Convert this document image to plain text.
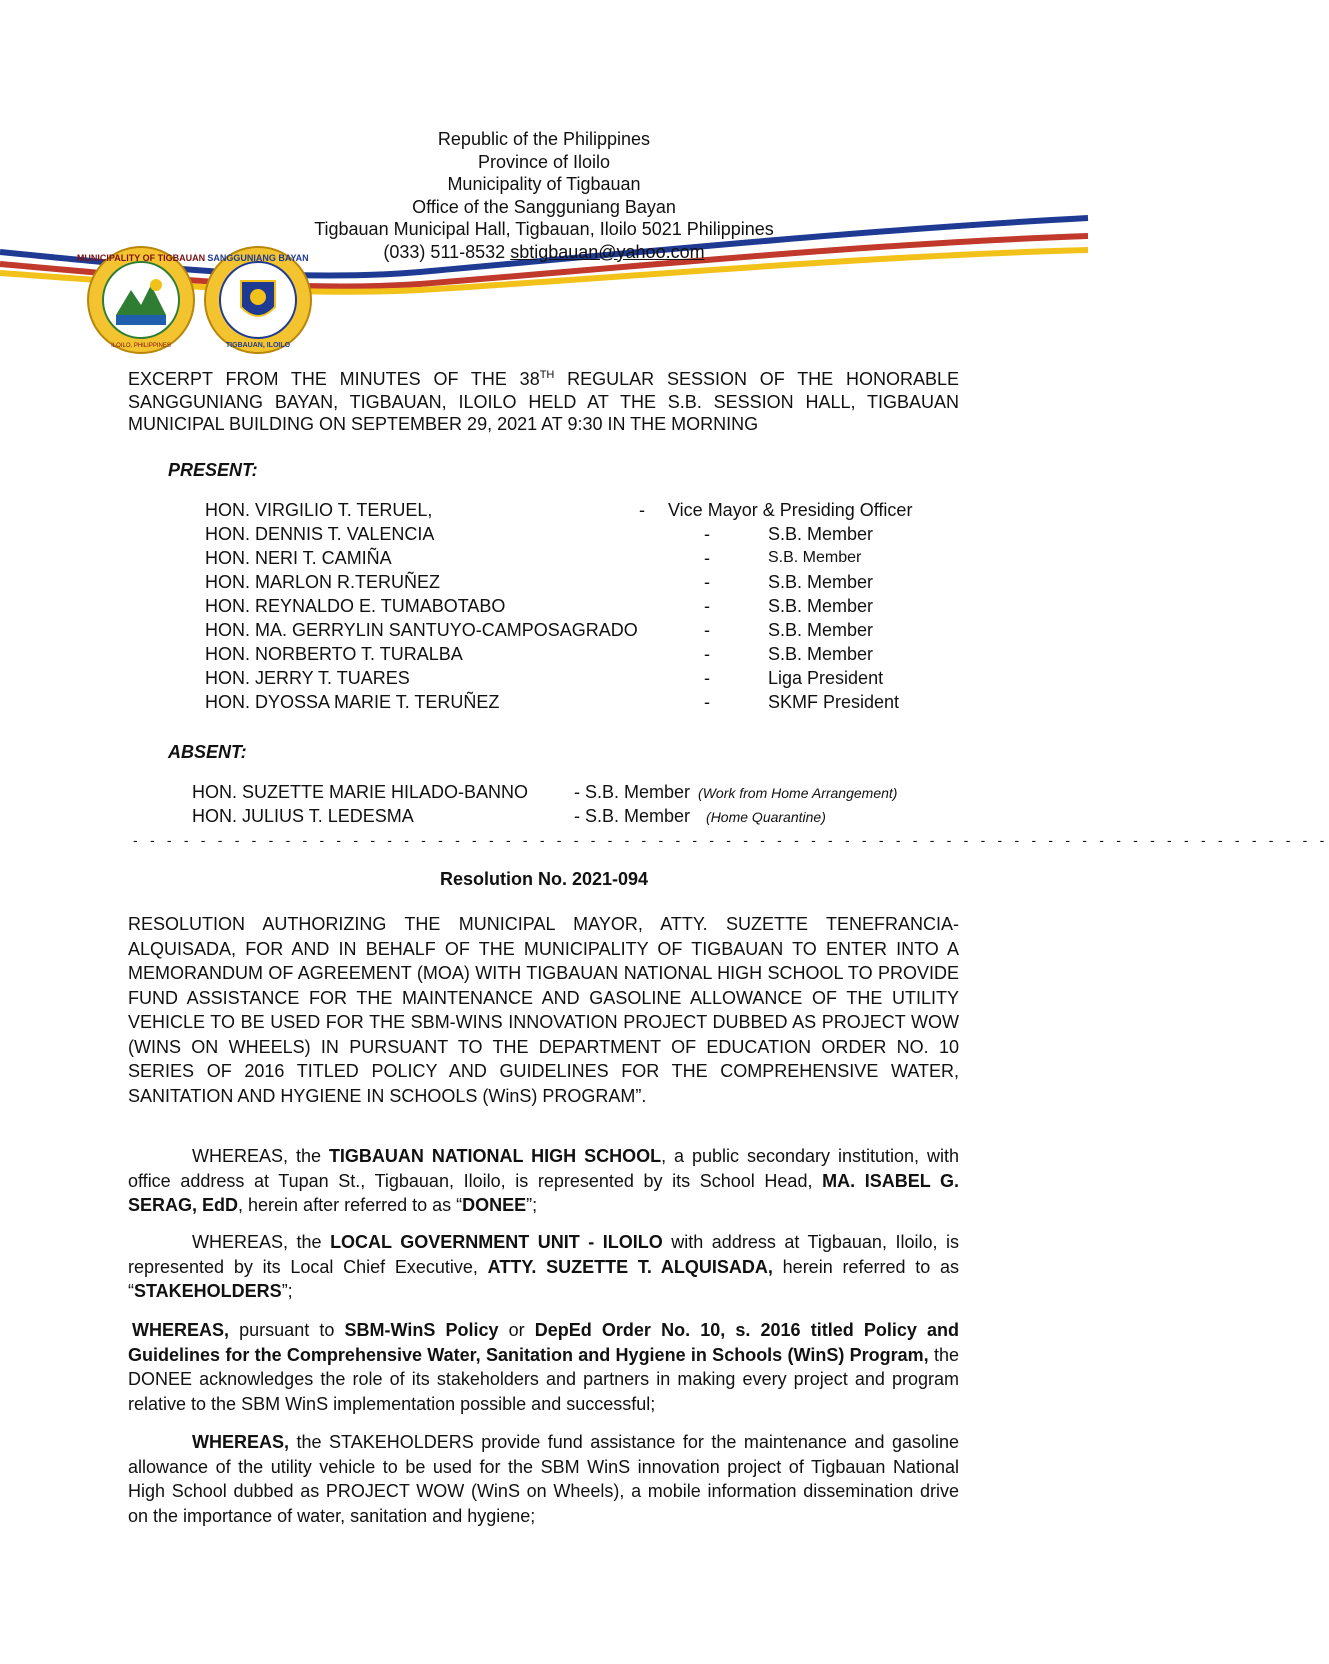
MUNICIPALITY OF TIGBAUAN
ILOILO, PHILIPPINES
SANGGUNIANG BAYAN
TIGBAUAN, ILOILO
Republic of the Philippines
Province of Iloilo
Municipality of Tigbauan
Office of the Sangguniang Bayan
Tigbauan Municipal Hall, Tigbauan, Iloilo 5021 Philippines
(033) 511-8532 sbtigbauan@yahoo.com
EXCERPT FROM THE MINUTES OF THE 38TH REGULAR SESSION OF THE HONORABLE SANGGUNIANG BAYAN, TIGBAUAN, ILOILO HELD AT THE S.B. SESSION HALL, TIGBAUAN MUNICIPAL BUILDING ON SEPTEMBER 29, 2021 AT 9:30 IN THE MORNING
PRESENT:
HON. VIRGILIO T. TERUEL,	- Vice Mayor & Presiding Officer
HON. DENNIS T. VALENCIA	-	S.B. Member
HON. NERI T. CAMIÑA	-	S.B. Member
HON. MARLON R.TERUÑEZ	-	S.B. Member
HON. REYNALDO E. TUMABOTABO	-	S.B. Member
HON. MA. GERRYLIN SANTUYO-CAMPOSAGRADO	-	S.B. Member
HON. NORBERTO T. TURALBA	-	S.B. Member
HON. JERRY T. TUARES	-	Liga President
HON. DYOSSA MARIE T. TERUÑEZ	-	SKMF President
ABSENT:
HON. SUZETTE MARIE HILADO-BANNO	- S.B. Member (Work from Home Arrangement)
HON. JULIUS T. LEDESMA	- S.B. Member (Home Quarantine)
- - - - - - - - - - - - - - - - - - - - - - - - - - - - - - - - - - - - - - - - - - - - - - - - - - - - - - - - - - - - - - - - - - - - - - -
Resolution No. 2021-094
RESOLUTION AUTHORIZING THE MUNICIPAL MAYOR, ATTY. SUZETTE TENEFRANCIA-ALQUISADA, FOR AND IN BEHALF OF THE MUNICIPALITY OF TIGBAUAN TO ENTER INTO A MEMORANDUM OF AGREEMENT (MOA) WITH TIGBAUAN NATIONAL HIGH SCHOOL TO PROVIDE FUND ASSISTANCE FOR THE MAINTENANCE AND GASOLINE ALLOWANCE OF THE UTILITY VEHICLE TO BE USED FOR THE SBM-WINS INNOVATION PROJECT DUBBED AS PROJECT WOW (WINS ON WHEELS) IN PURSUANT TO THE DEPARTMENT OF EDUCATION ORDER NO. 10 SERIES OF 2016 TITLED POLICY AND GUIDELINES FOR THE COMPREHENSIVE WATER, SANITATION AND HYGIENE IN SCHOOLS (WinS) PROGRAM”.
WHEREAS, the TIGBAUAN NATIONAL HIGH SCHOOL, a public secondary institution, with office address at Tupan St., Tigbauan, Iloilo, is represented by its School Head, MA. ISABEL G. SERAG, EdD, herein after referred to as “DONEE”;
WHEREAS, the LOCAL GOVERNMENT UNIT - ILOILO with address at Tigbauan, Iloilo, is represented by its Local Chief Executive, ATTY. SUZETTE T. ALQUISADA, herein referred to as “STAKEHOLDERS”;
WHEREAS, pursuant to SBM-WinS Policy or DepEd Order No. 10, s. 2016 titled Policy and Guidelines for the Comprehensive Water, Sanitation and Hygiene in Schools (WinS) Program, the DONEE acknowledges the role of its stakeholders and partners in making every project and program relative to the SBM WinS implementation possible and successful;
WHEREAS, the STAKEHOLDERS provide fund assistance for the maintenance and gasoline allowance of the utility vehicle to be used for the SBM WinS innovation project of Tigbauan National High School dubbed as PROJECT WOW (WinS on Wheels), a mobile information dissemination drive on the importance of water, sanitation and hygiene;
